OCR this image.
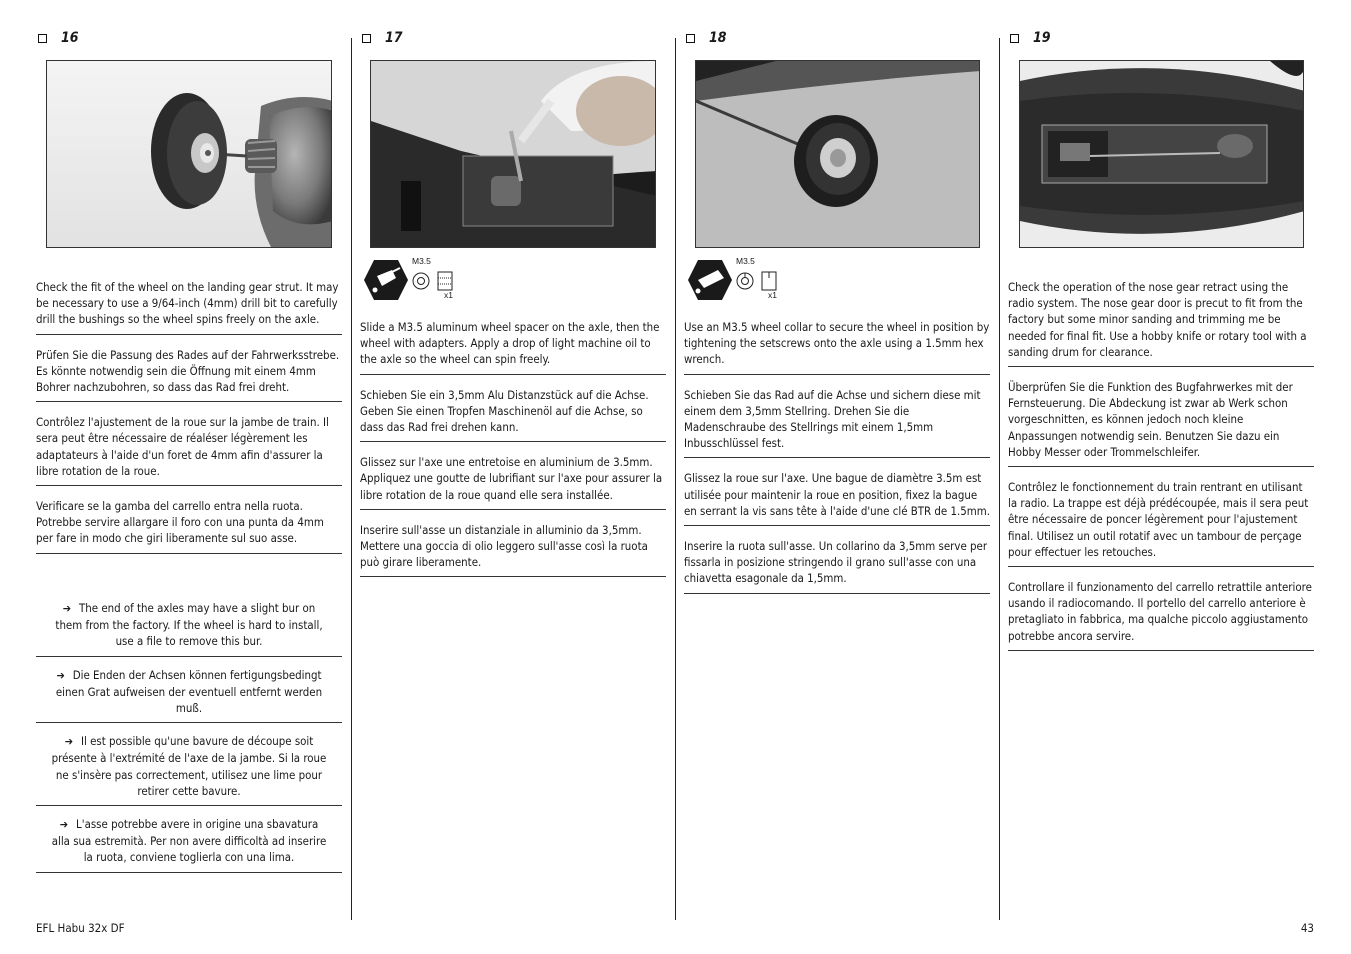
16

Check the fit of the wheel on the landing gear strut. It may be necessary to use a 9/64-inch (4mm) drill bit to carefully drill the bushings so the wheel spins freely on the axle.

Prüfen Sie die Passung des Rades auf der Fahrwerksstrebe. Es könnte notwendig sein die Öffnung mit einem 4mm Bohrer nachzubohren, so dass das Rad frei dreht.

Contrôlez l'ajustement de la roue sur la jambe de train. Il sera peut être nécessaire de réaléser légèrement les adaptateurs à l'aide d'un foret de 4mm afin d'assurer la libre rotation de la roue.

Verificare se la gamba del carrello entra nella ruota. Potrebbe servire allargare il foro con una punta da 4mm per fare in modo che giri liberamente sul suo asse.

➔ The end of the axles may have a slight bur on them from the factory. If the wheel is hard to install, use a file to remove this bur.

➔ Die Enden der Achsen können fertigungsbedingt einen Grat aufweisen der eventuell entfernt werden muß.

➔ Il est possible qu'une bavure de découpe soit présente à l'extrémité de l'axe de la jambe. Si la roue ne s'insère pas correctement, utilisez une lime pour retirer cette bavure.

➔ L'asse potrebbe avere in origine una sbavatura alla sua estremità. Per non avere difficoltà ad inserire la ruota, conviene toglierla con una lima.

17
M3.5
x1

Slide a M3.5 aluminum wheel spacer on the axle, then the wheel with adapters. Apply a drop of light machine oil to the axle so the wheel can spin freely.

Schieben Sie ein 3,5mm Alu Distanzstück auf die Achse. Geben Sie einen Tropfen Maschinenöl auf die Achse, so dass das Rad frei drehen kann.

Glissez sur l'axe une entretoise en aluminium de 3.5mm. Appliquez une goutte de lubrifiant sur l'axe pour assurer la libre rotation de la roue quand elle sera installée.

Inserire sull'asse un distanziale in alluminio da 3,5mm. Mettere una goccia di olio leggero sull'asse così la ruota può girare liberamente.

18
M3.5
x1

Use an M3.5 wheel collar to secure the wheel in position by tightening the setscrews onto the axle using a 1.5mm hex wrench.

Schieben Sie das Rad auf die Achse und sichern diese mit einem dem 3,5mm Stellring. Drehen Sie die Madenschraube des Stellrings mit einem 1,5mm Inbusschlüssel fest.

Glissez la roue sur l'axe. Une bague de diamètre 3.5m est utilisée pour maintenir la roue en position, fixez la bague en serrant la vis sans tête à l'aide d'une clé BTR de 1.5mm.

Inserire la ruota sull'asse. Un collarino da 3,5mm serve per fissarla in posizione stringendo il grano sull'asse con una chiavetta esagonale da 1,5mm.

19

Check the operation of the nose gear retract using the radio system. The nose gear door is precut to fit from the factory but some minor sanding and trimming me be needed for final fit. Use a hobby knife or rotary tool with a sanding drum for clearance.

Überprüfen Sie die Funktion des Bugfahrwerkes mit der Fernsteuerung. Die Abdeckung ist zwar ab Werk schon vorgeschnitten, es können jedoch noch kleine Anpassungen notwendig sein. Benutzen Sie dazu ein Hobby Messer oder Trommelschleifer.

Contrôlez le fonctionnement du train rentrant en utilisant la radio. La trappe est déjà prédécoupée, mais il sera peut être nécessaire de poncer légèrement pour l'ajustement final. Utilisez un outil rotatif avec un tambour de perçage pour effectuer les retouches.

Controllare il funzionamento del carrello retrattile anteriore usando il radiocomando. Il portello del carrello anteriore è pretagliato in fabbrica, ma qualche piccolo aggiustamento potrebbe ancora servire.

EFL Habu 32x DF	43
